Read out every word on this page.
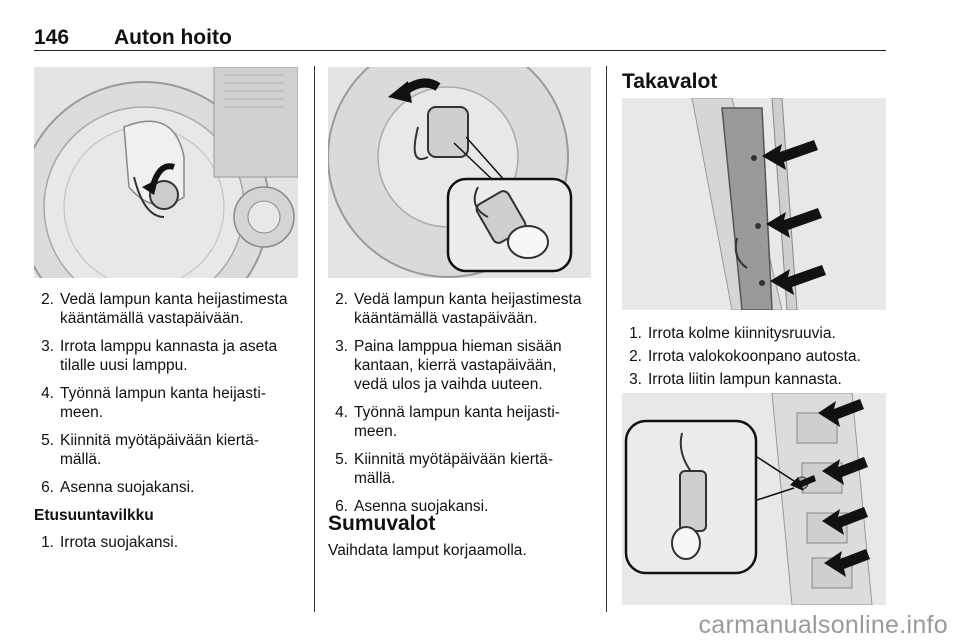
146 Auton hoito
2. Vedä lampun kanta heijastimesta kääntämällä vastapäivään.
3. Irrota lamppu kannasta ja aseta tilalle uusi lamppu.
4. Työnnä lampun kanta heijasti-meen.
5. Kiinnitä myötäpäivään kiertä-mällä.
6. Asenna suojakansi.
Etusuuntavilkku
1. Irrota suojakansi.
2. Vedä lampun kanta heijastimesta kääntämällä vastapäivään.
3. Paina lamppua hieman sisään kantaan, kierrä vastapäivään, vedä ulos ja vaihda uuteen.
4. Työnnä lampun kanta heijasti-meen.
5. Kiinnitä myötäpäivään kiertä-mällä.
6. Asenna suojakansi.
Sumuvalot
Vaihdata lamput korjaamolla.
Takavalot
1. Irrota kolme kiinnitysruuvia.
2. Irrota valokokoonpano autosta.
3. Irrota liitin lampun kannasta.
carmanualsonline.info
